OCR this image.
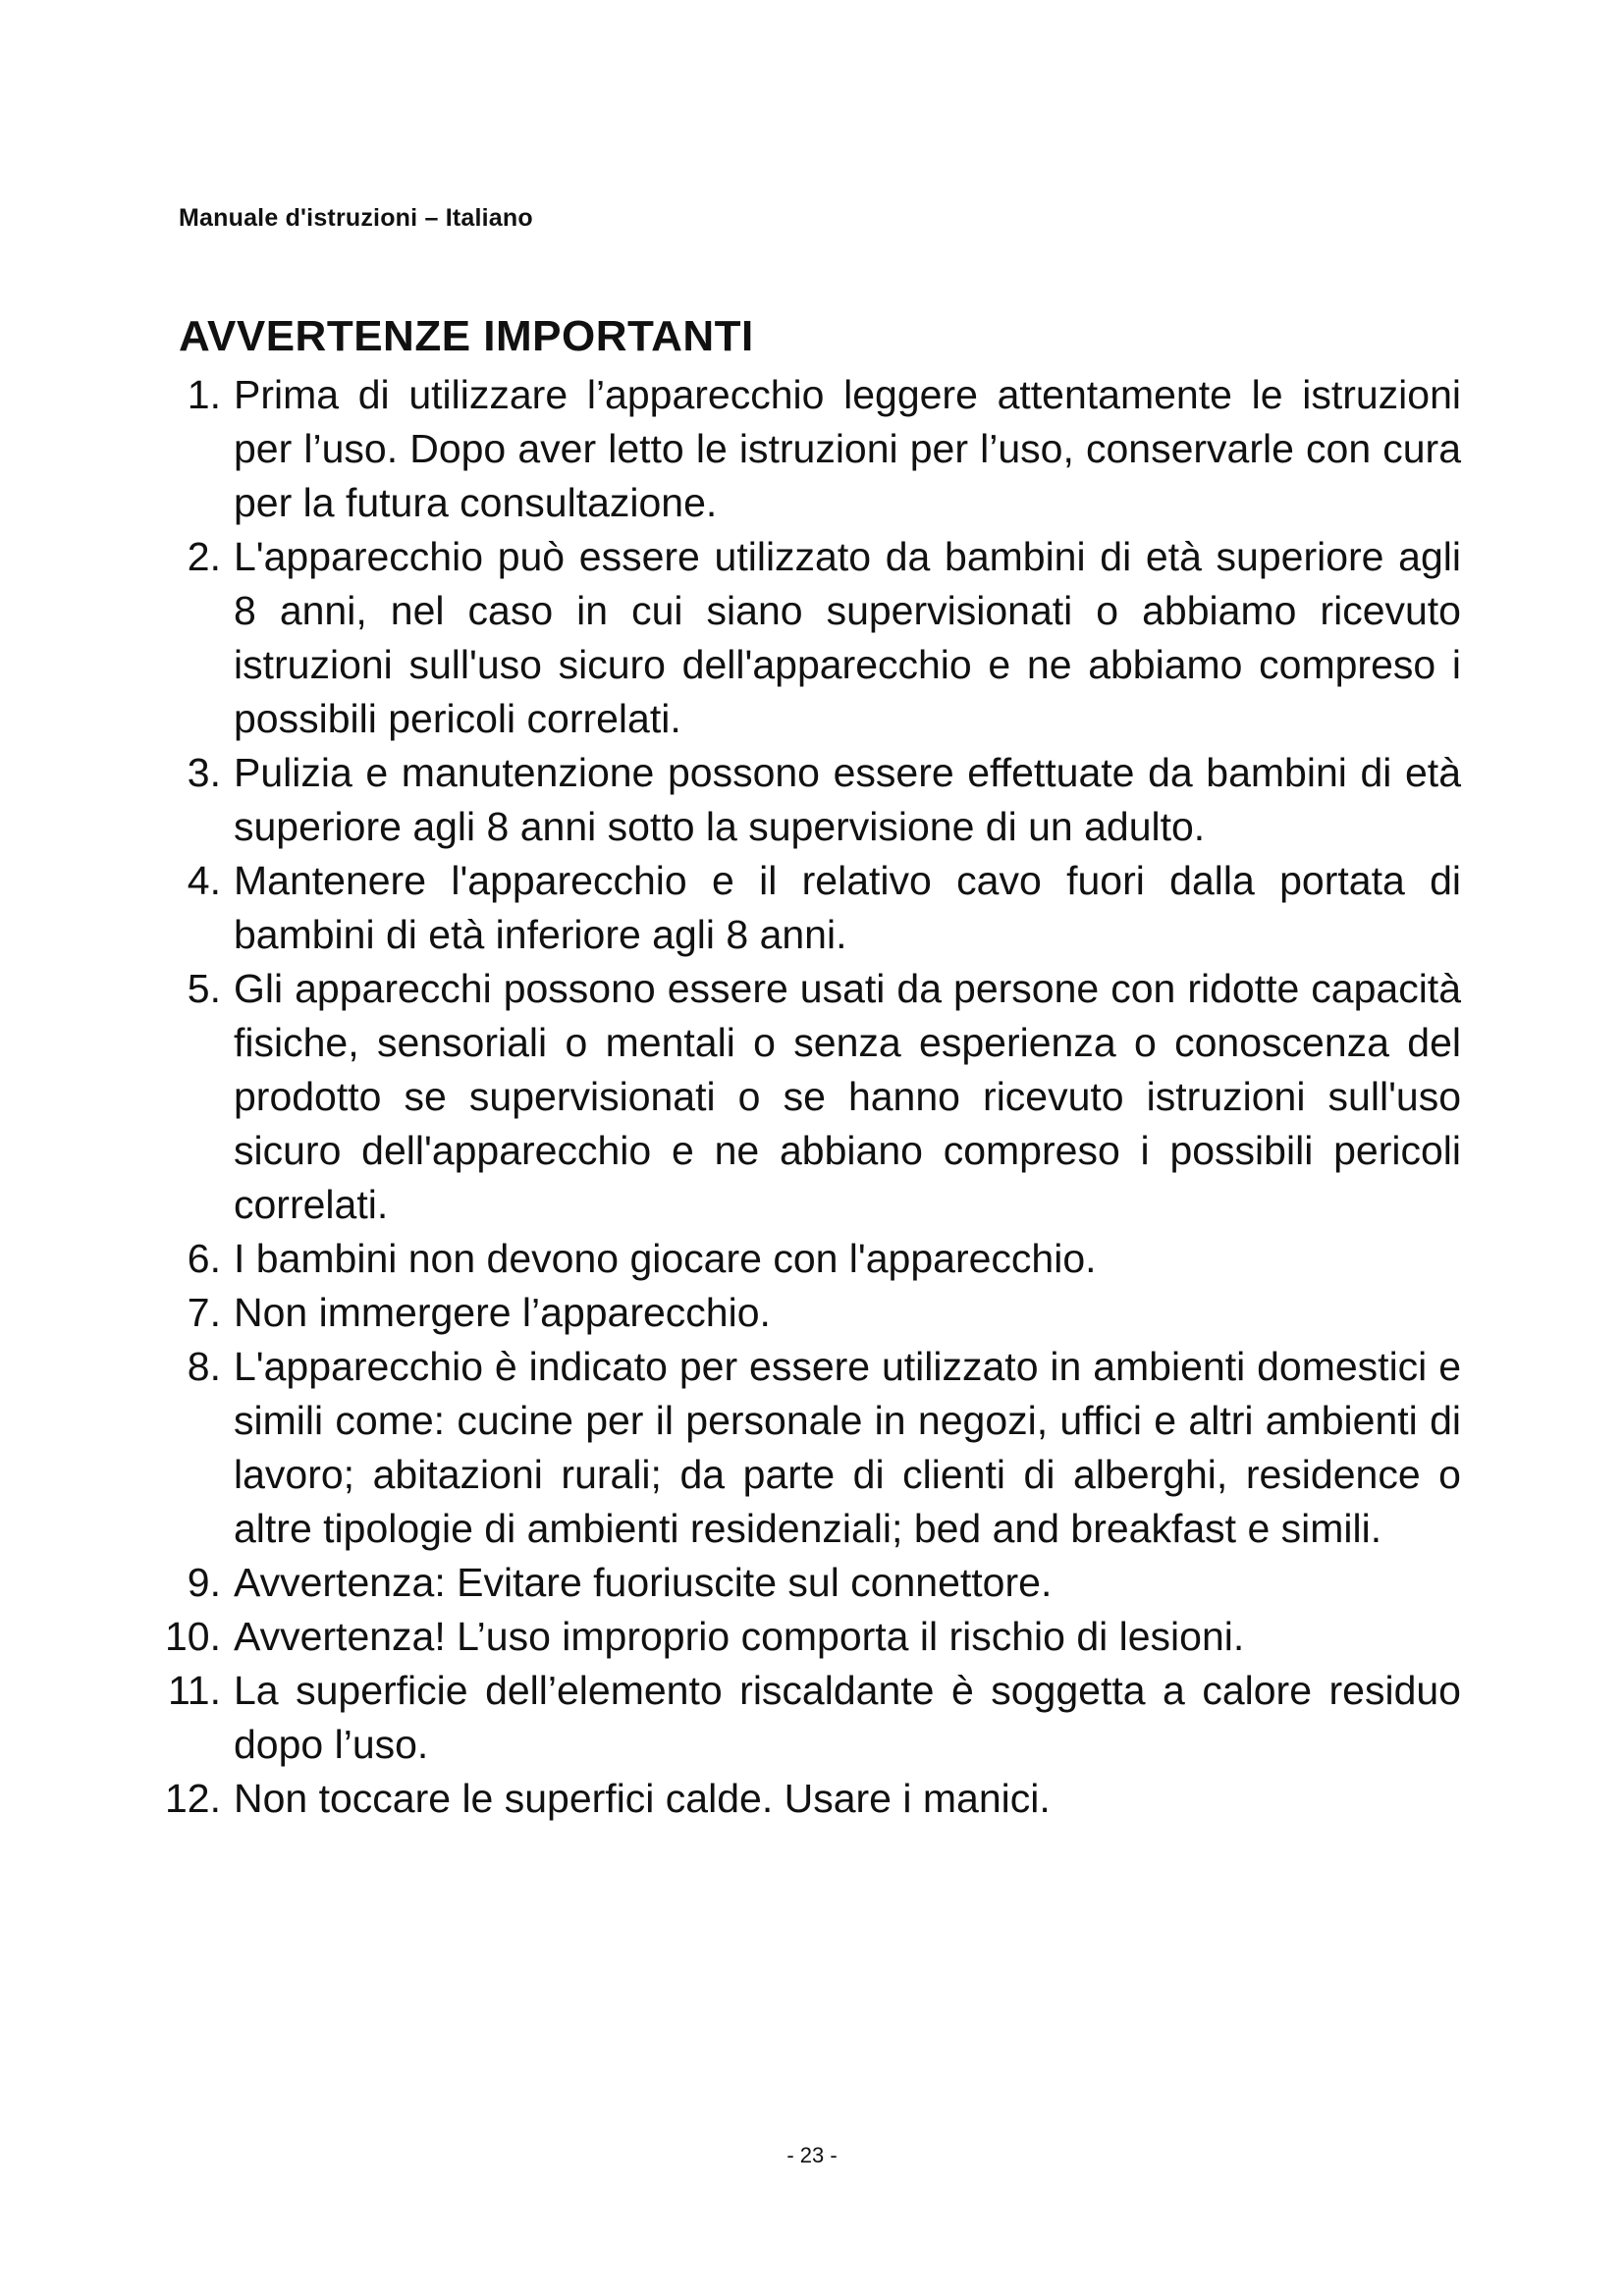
Manuale d'istruzioni – Italiano
AVVERTENZE IMPORTANTI
1. Prima di utilizzare l’apparecchio leggere attentamente le istruzioni per l’uso. Dopo aver letto le istruzioni per l’uso, conservarle con cura per la futura consultazione.
2. L'apparecchio può essere utilizzato da bambini di età superiore agli 8 anni, nel caso in cui siano supervisionati o abbiamo ricevuto istruzioni sull'uso sicuro dell'apparecchio e ne abbiamo compreso i possibili pericoli correlati.
3. Pulizia e manutenzione possono essere effettuate da bambini di età superiore agli 8 anni sotto la supervisione di un adulto.
4. Mantenere l'apparecchio e il relativo cavo fuori dalla portata di bambini di età inferiore agli 8 anni.
5. Gli apparecchi possono essere usati da persone con ridotte capacità fisiche, sensoriali o mentali o senza esperienza o conoscenza del prodotto se supervisionati o se hanno ricevuto istruzioni sull'uso sicuro dell'apparecchio e ne abbiano compreso i possibili pericoli correlati.
6. I bambini non devono giocare con l'apparecchio.
7. Non immergere l’apparecchio.
8. L'apparecchio è indicato per essere utilizzato in ambienti domestici e simili come: cucine per il personale in negozi, uffici e altri ambienti di lavoro; abitazioni rurali; da parte di clienti di alberghi, residence o altre tipologie di ambienti residenziali; bed and breakfast e simili.
9. Avvertenza: Evitare fuoriuscite sul connettore.
10. Avvertenza! L’uso improprio comporta il rischio di lesioni.
11. La superficie dell’elemento riscaldante è soggetta a calore residuo dopo l’uso.
12. Non toccare le superfici calde. Usare i manici.
- 23 -
